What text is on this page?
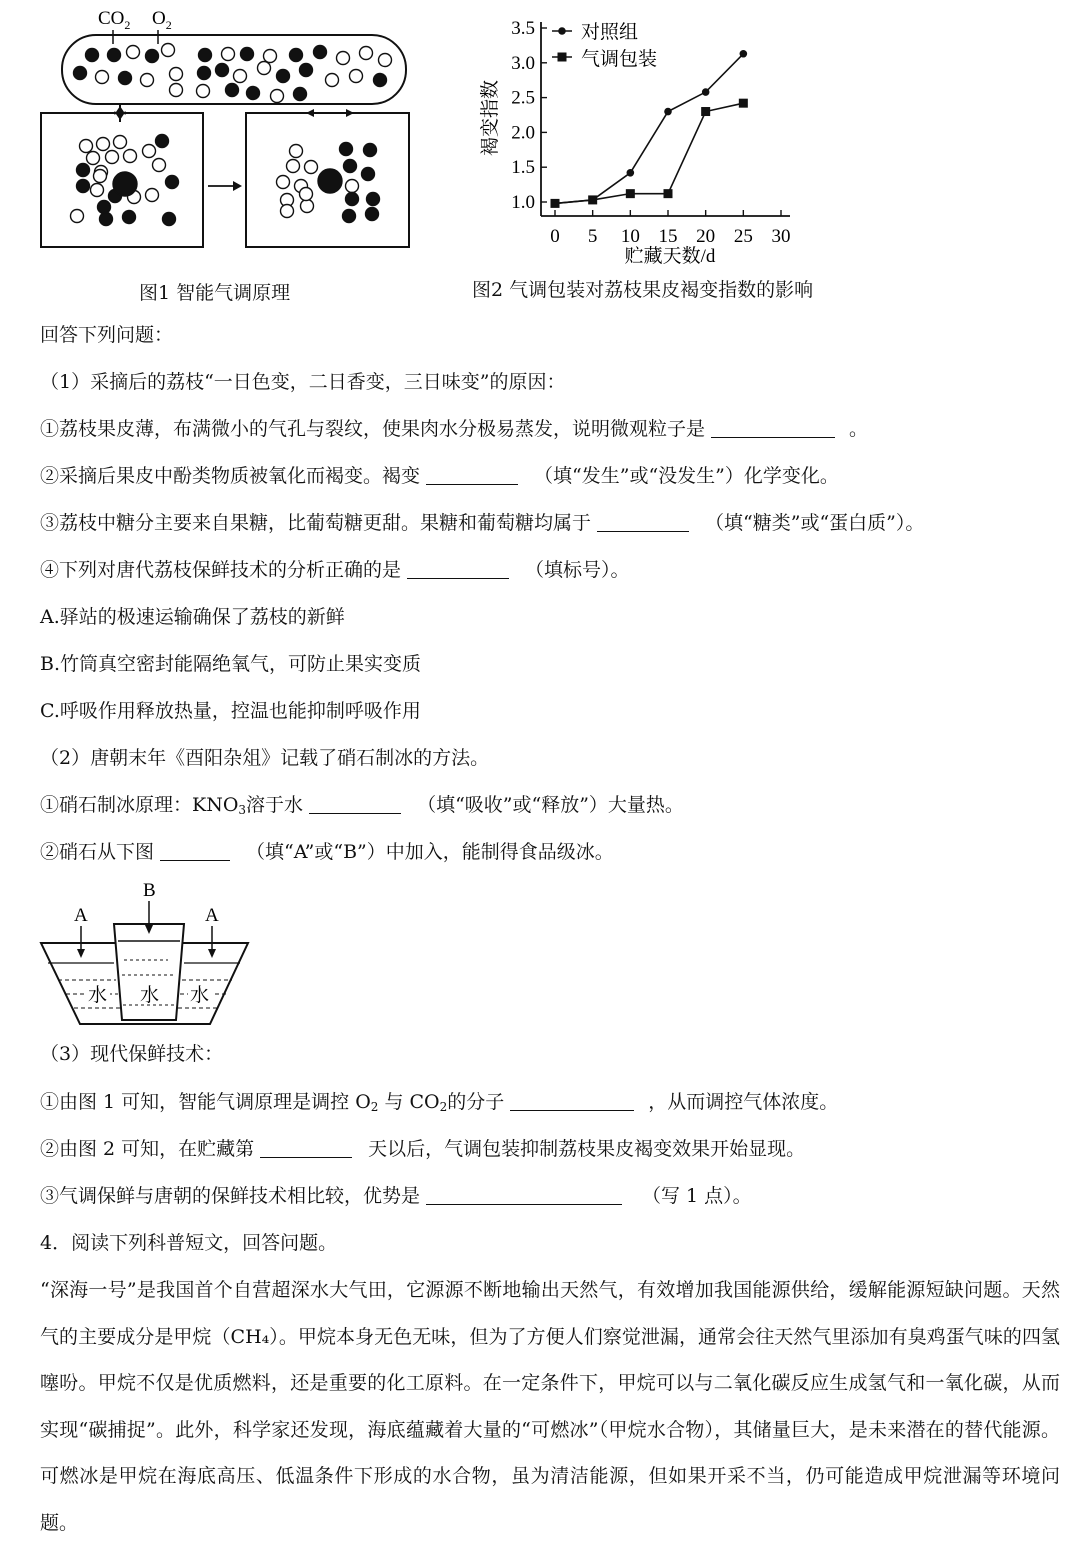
$CO_2$ $O_2$
图1 智能气调原理
0 5 10 15 20 25 30
1.0
1.5
2.0
2.5
3.0
3.5 对照组
气调包装
褐变指数
贮藏天数/d
图2 气调包装对荔枝果皮褐变指数的影响
回答下列问题：
（1）采摘后的荔枝“一日色变，二日香变，三日味变”的原因：
①荔枝果皮薄，布满微小的气孔与裂纹，使果肉水分极易蒸发，说明微观粒子是	。
②采摘后果皮中酚类物质被氧化而褐变。褐变	（填“发生”或“没发生”）化学变化。
③荔枝中糖分主要来自果糖，比葡萄糖更甜。果糖和葡萄糖均属于	（填“糖类”或“蛋白质”）。
④下列对唐代荔枝保鲜技术的分析正确的是	（填标号）。
A.驿站的极速运输确保了荔枝的新鲜
B.竹筒真空密封能隔绝氧气，可防止果实变质
C.呼吸作用释放热量，控温也能抑制呼吸作用
（2）唐朝末年《酉阳杂俎》记载了硝石制冰的方法。
①硝石制冰原理：$KNO_3$溶于水	（填“吸收”或“释放”）大量热。
②硝石从下图	（填“A”或“B”）中加入，能制得食品级冰。
水 水 水
A
B
A
（3）现代保鲜技术：
①由图 1 可知，智能气调原理是调控 $O_2$ 与 $CO_2$的分子	，从而调控气体浓度。
②由图 2 可知，在贮藏第	天以后，气调包装抑制荔枝果皮褐变效果开始显现。
③气调保鲜与唐朝的保鲜技术相比较，优势是	（写 1 点）。
4．阅读下列科普短文，回答问题。
“深海一号”是我国首个自营超深水大气田，它源源不断地输出天然气，有效增加我国能源供给，缓解能源短缺问题。天然气的主要成分是甲烷（CH₄）。甲烷本身无色无味，但为了方便人们察觉泄漏，通常会往天然气里添加有臭鸡蛋气味的四氢噻吩。甲烷不仅是优质燃料，还是重要的化工原料。在一定条件下，甲烷可以与二氧化碳反应生成氢气和一氧化碳，从而实现“碳捕捉”。此外，科学家还发现，海底蕴藏着大量的“可燃冰”（甲烷水合物），其储量巨大，是未来潜在的替代能源。可燃冰是甲烷在海底高压、低温条件下形成的水合物，虽为清洁能源，但如果开采不当，仍可能造成甲烷泄漏等环境问题。
